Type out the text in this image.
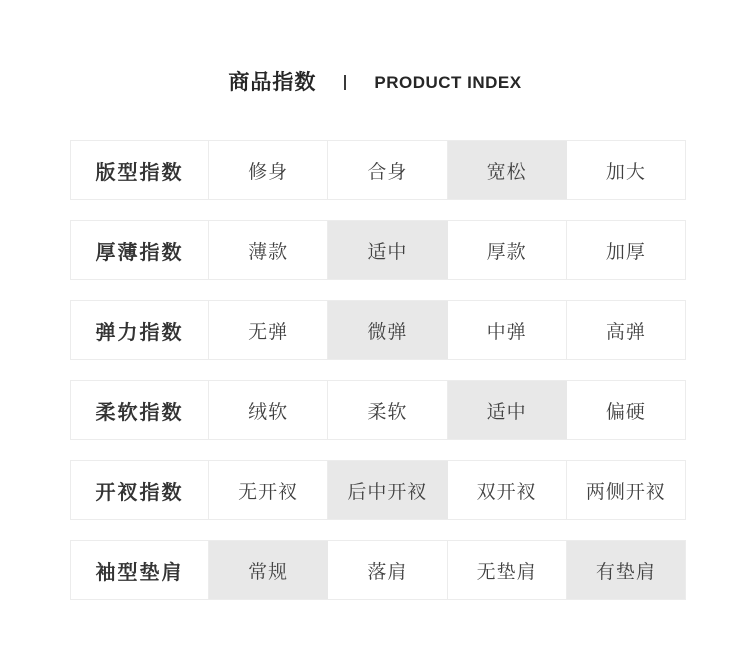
商品指数	PRODUCT INDEX
版型指数	修身	合身	宽松	加大
厚薄指数	薄款	适中	厚款	加厚
弹力指数	无弹	微弹	中弹	高弹
柔软指数	绒软	柔软	适中	偏硬
开衩指数	无开衩	后中开衩	双开衩	两侧开衩
袖型垫肩	常规	落肩	无垫肩	有垫肩
